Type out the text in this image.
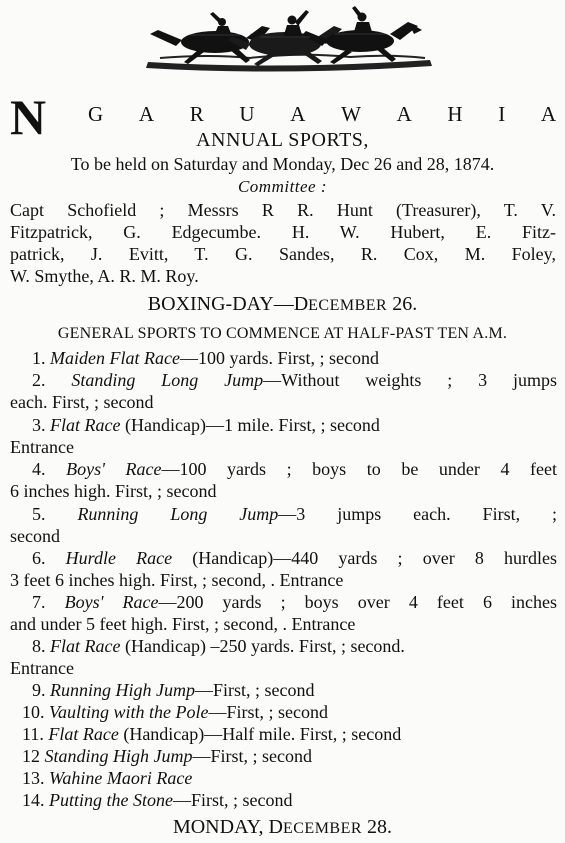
N G A R U A W A H I A
ANNUAL SPORTS,
To be held on Saturday and Monday, Dec 26 and 28, 1874.
Committee :
Capt Schofield ; Messrs R R. Hunt (Treasurer), T. V.
Fitzpatrick, G. Edgecumbe. H. W. Hubert, E. Fitz-
patrick, J. Evitt, T. G. Sandes, R. Cox, M. Foley,
W. Smythe, A. R. M. Roy.
BOXING-DAY—DECEMBER 26.
GENERAL SPORTS TO COMMENCE AT HALF-PAST TEN A.M.
1. Maiden Flat Race—100 yards. First, ; second
2. Standing Long Jump—Without weights ; 3 jumps
each. First, ; second
3. Flat Race (Handicap)—1 mile. First, ; second
Entrance
4. Boys' Race—100 yards ; boys to be under 4 feet
6 inches high. First, ; second
5. Running Long Jump—3 jumps each. First, ;
second
6. Hurdle Race (Handicap)—440 yards ; over 8 hurdles
3 feet 6 inches high. First, ; second, . Entrance
7. Boys' Race—200 yards ; boys over 4 feet 6 inches
and under 5 feet high. First, ; second, . Entrance
8. Flat Race (Handicap) –250 yards. First, ; second.
Entrance
9. Running High Jump—First, ; second
10. Vaulting with the Pole—First, ; second
11. Flat Race (Handicap)—Half mile. First, ; second
12 Standing High Jump—First, ; second
13. Wahine Maori Race
14. Putting the Stone—First, ; second
MONDAY, DECEMBER 28.
